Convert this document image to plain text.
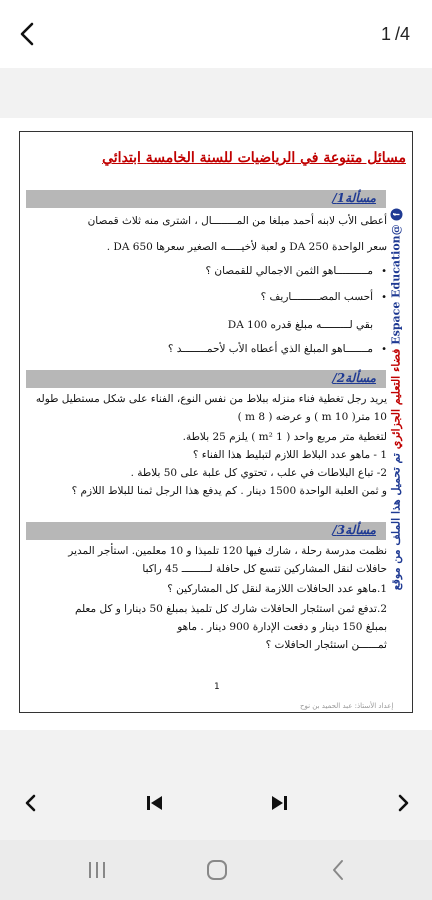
1 /4
مسائل متنوعة في الرياضيات للسنة الخامسة ابتدائي
مسألة1/
أعطى الأب لابنه أحمد مبلغا من المــــــــال ، اشترى منه ثلاث قمصان
سعر الواحدة 250 DA و لعبة لأخيـــــه الصغير سعرها 650 DA .
•
مــــــــــاهو الثمن الاجمالي للقمصان ؟
•
أحسب المصـــــــــاريف ؟
بقي لـــــــــه مبلغ قدره 100 DA
•
مـــــــاهو المبلغ الذي أعطاه الأب لأحمــــــــد ؟
مسألة2/
يريد رجل تغطية فناء منزله ببلاط من نفس النوع، الفناء على شكل مستطيل طوله
10 متر( 10 m ) و عرضه ( 8 m )
لتغطية متر مربع واحد ( 1 m² ) يلزم 25 بلاطة.
1 - ماهو عدد البلاط اللازم لتبليط هذا الفناء ؟
2- تباع البلاطات في علب ، تحتوي كل علبة على 50 بلاطة .
و ثمن العلبة الواحدة 1500 دينار . كم يدفع هذا الرجل ثمنا للبلاط اللازم ؟
مسألة3/
نظمت مدرسة رحلة ، شارك فيها 120 تلميذا و 10 معلمين. استأجر المدير
حافلات لنقل المشاركين تتسع كل حافلة لـــــــــ 45 راكبا
1.ماهو عدد الحافلات اللازمة لنقل كل المشاركين ؟
2.تدفع ثمن استئجار الحافلات شارك كل تلميذ بمبلغ 50 دينارا و كل معلم
بمبلغ 150 دينار و دفعت الإدارة 900 دينار . ماهو
ثمــــــن استئجار الحافلات ؟
1
إعداد الأستاذ: عبد الحميد بن نوح
f @Espace Education فضاء التعليم الجزائري تم تحميل هذا الملف من موقع
